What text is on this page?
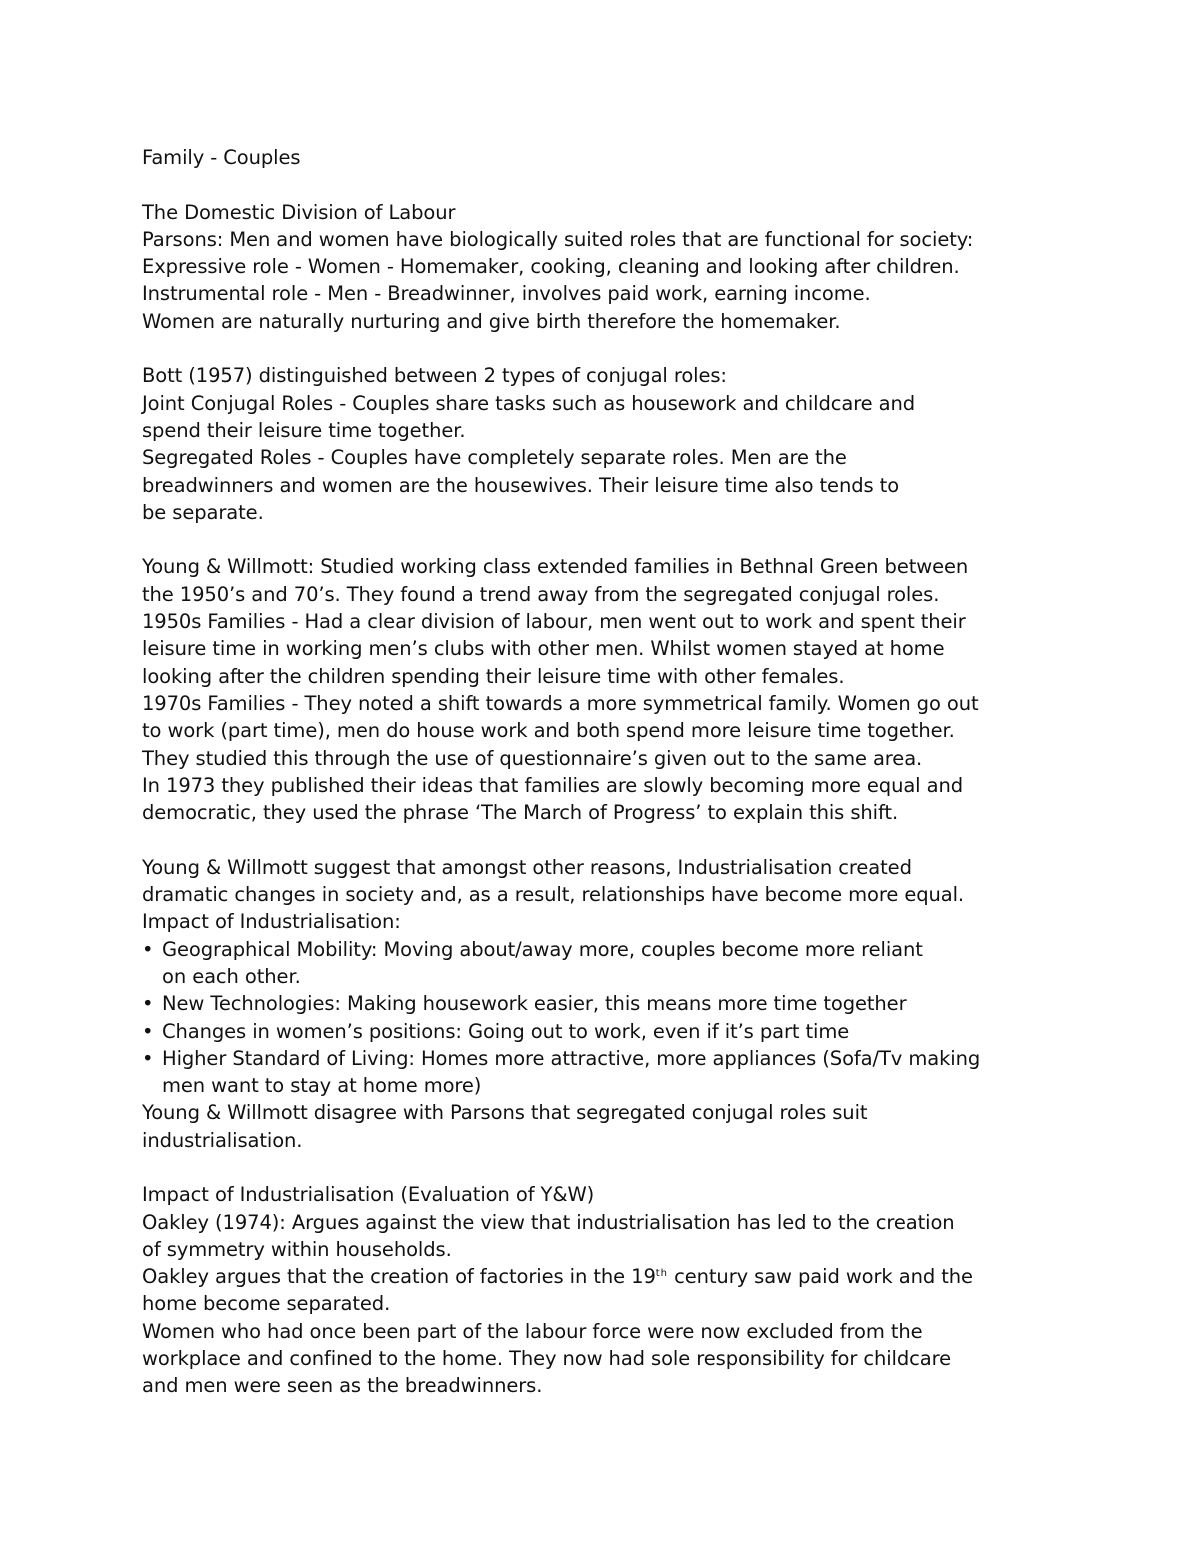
Family - Couples
The Domestic Division of Labour
Parsons: Men and women have biologically suited roles that are functional for society:
Expressive role - Women - Homemaker, cooking, cleaning and looking after children.
Instrumental role - Men - Breadwinner, involves paid work, earning income.
Women are naturally nurturing and give birth therefore the homemaker.
Bott (1957) distinguished between 2 types of conjugal roles:
Joint Conjugal Roles - Couples share tasks such as housework and childcare and
spend their leisure time together.
Segregated Roles - Couples have completely separate roles. Men are the
breadwinners and women are the housewives. Their leisure time also tends to
be separate.
Young & Willmott: Studied working class extended families in Bethnal Green between
the 1950’s and 70’s. They found a trend away from the segregated conjugal roles.
1950s Families - Had a clear division of labour, men went out to work and spent their
leisure time in working men’s clubs with other men. Whilst women stayed at home
looking after the children spending their leisure time with other females.
1970s Families - They noted a shift towards a more symmetrical family. Women go out
to work (part time), men do house work and both spend more leisure time together.
They studied this through the use of questionnaire’s given out to the same area.
In 1973 they published their ideas that families are slowly becoming more equal and
democratic, they used the phrase ‘The March of Progress’ to explain this shift.
Young & Willmott suggest that amongst other reasons, Industrialisation created
dramatic changes in society and, as a result, relationships have become more equal.
Impact of Industrialisation:
• Geographical Mobility: Moving about/away more, couples become more reliant
on each other.
• New Technologies: Making housework easier, this means more time together
• Changes in women’s positions: Going out to work, even if it’s part time
• Higher Standard of Living: Homes more attractive, more appliances (Sofa/Tv making
men want to stay at home more)
Young & Willmott disagree with Parsons that segregated conjugal roles suit
industrialisation.
Impact of Industrialisation (Evaluation of Y&W)
Oakley (1974): Argues against the view that industrialisation has led to the creation
of symmetry within households.
Oakley argues that the creation of factories in the 19th century saw paid work and the
home become separated.
Women who had once been part of the labour force were now excluded from the
workplace and confined to the home. They now had sole responsibility for childcare
and men were seen as the breadwinners.
